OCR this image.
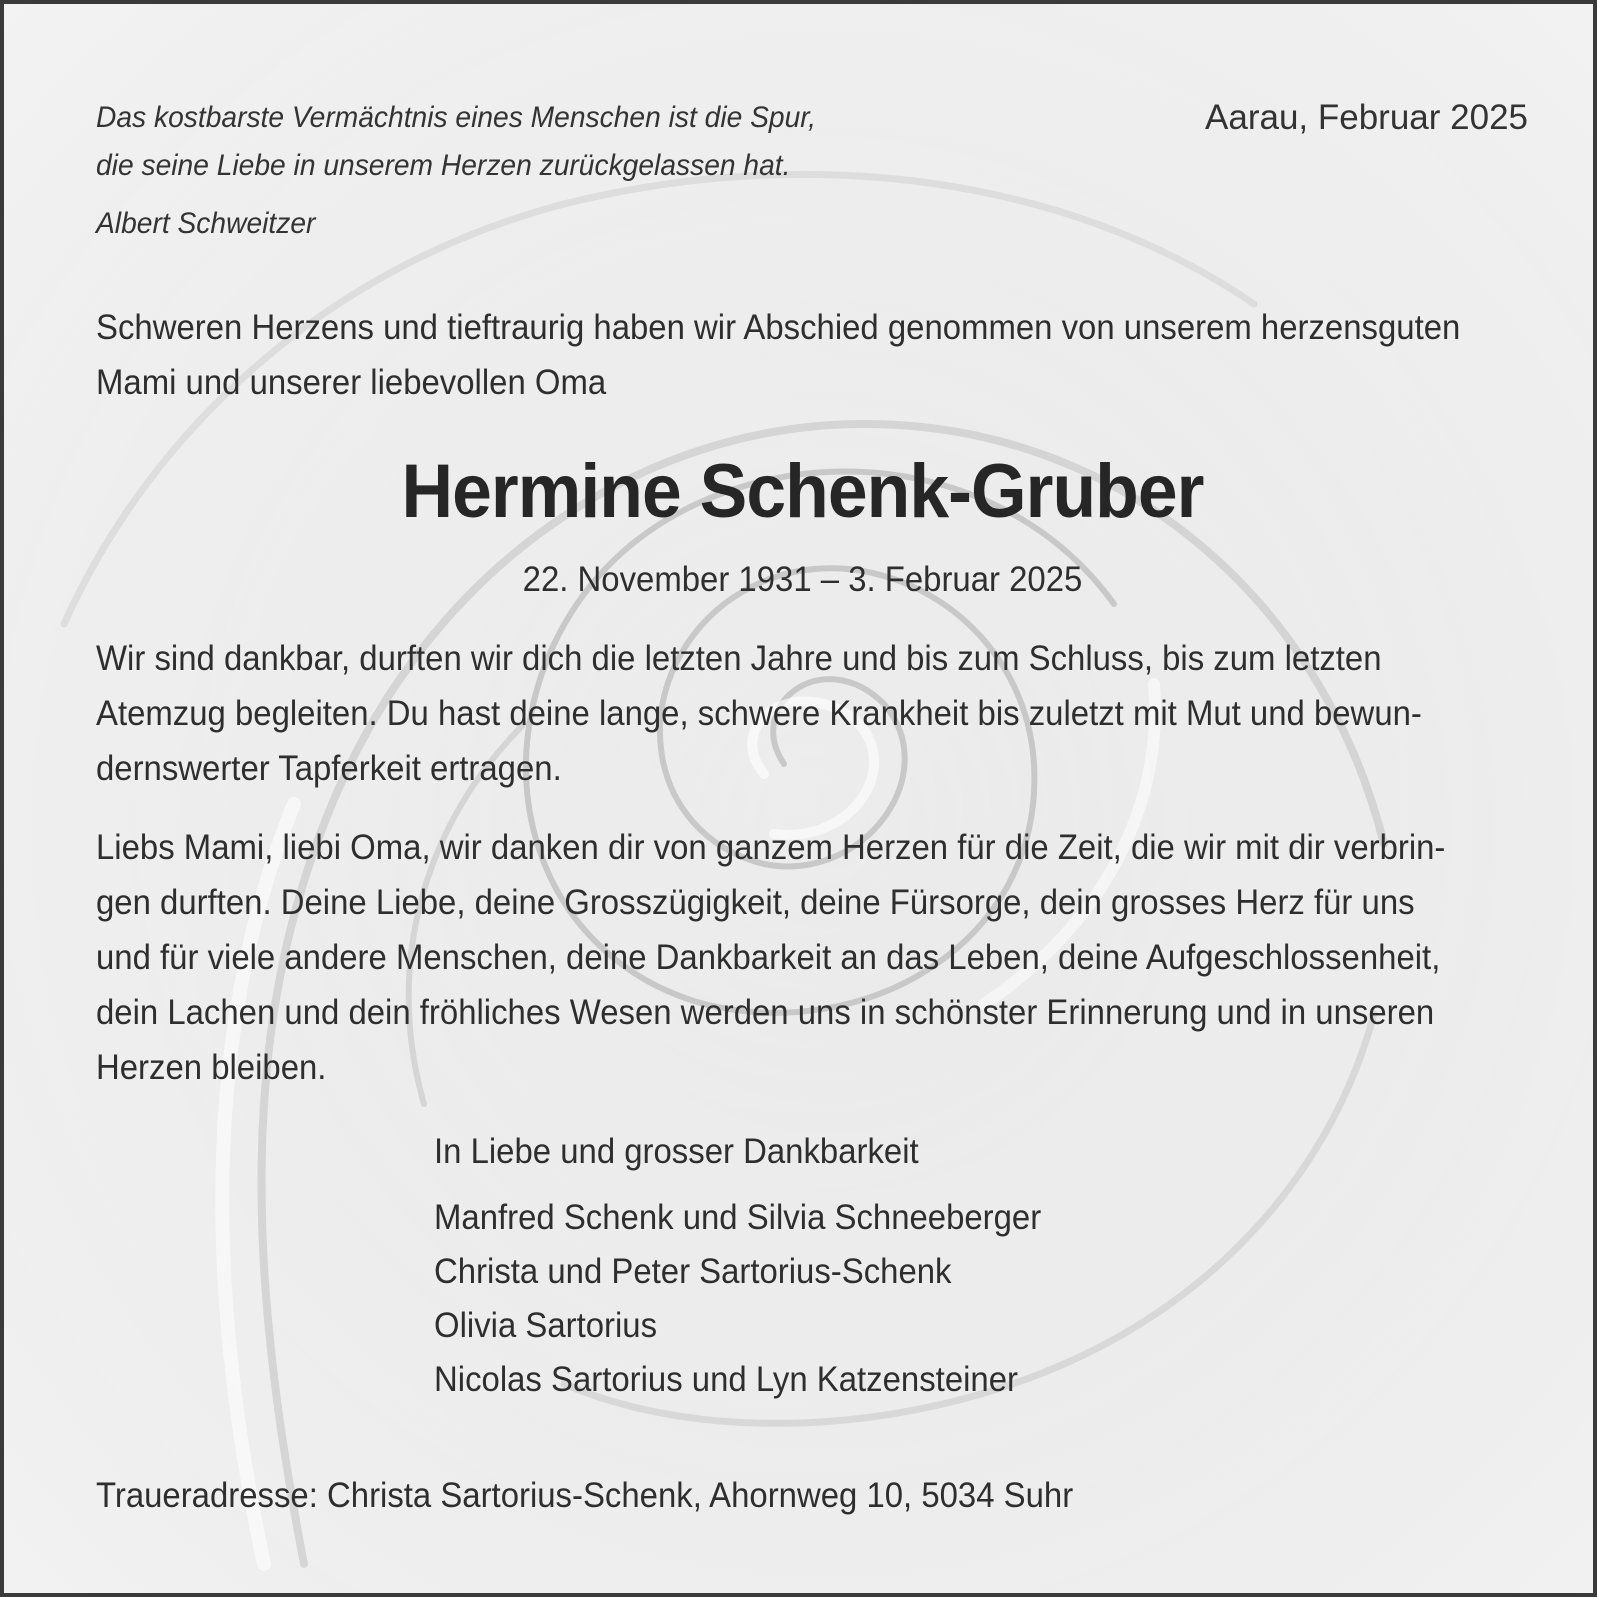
Das kostbarste Vermächtnis eines Menschen ist die Spur,

die seine Liebe in unserem Herzen zurückgelassen hat.

Albert Schweitzer

Aarau, Februar 2025

Schweren Herzens und tieftraurig haben wir Abschied genommen von unserem herzensguten

Mami und unserer liebevollen Oma

Hermine Schenk-Gruber

22. November 1931 – 3. Februar 2025

Wir sind dankbar, durften wir dich die letzten Jahre und bis zum Schluss, bis zum letzten

Atemzug begleiten. Du hast deine lange, schwere Krankheit bis zuletzt mit Mut und bewun-

dernswerter Tapferkeit ertragen.

Liebs Mami, liebi Oma, wir danken dir von ganzem Herzen für die Zeit, die wir mit dir verbrin-

gen durften. Deine Liebe, deine Grosszügigkeit, deine Fürsorge, dein grosses Herz für uns

und für viele andere Menschen, deine Dankbarkeit an das Leben, deine Aufgeschlossenheit,

dein Lachen und dein fröhliches Wesen werden uns in schönster Erinnerung und in unseren

Herzen bleiben.

In Liebe und grosser Dankbarkeit

Manfred Schenk und Silvia Schneeberger

Christa und Peter Sartorius-Schenk

Olivia Sartorius

Nicolas Sartorius und Lyn Katzensteiner

Traueradresse: Christa Sartorius-Schenk, Ahornweg 10, 5034 Suhr
